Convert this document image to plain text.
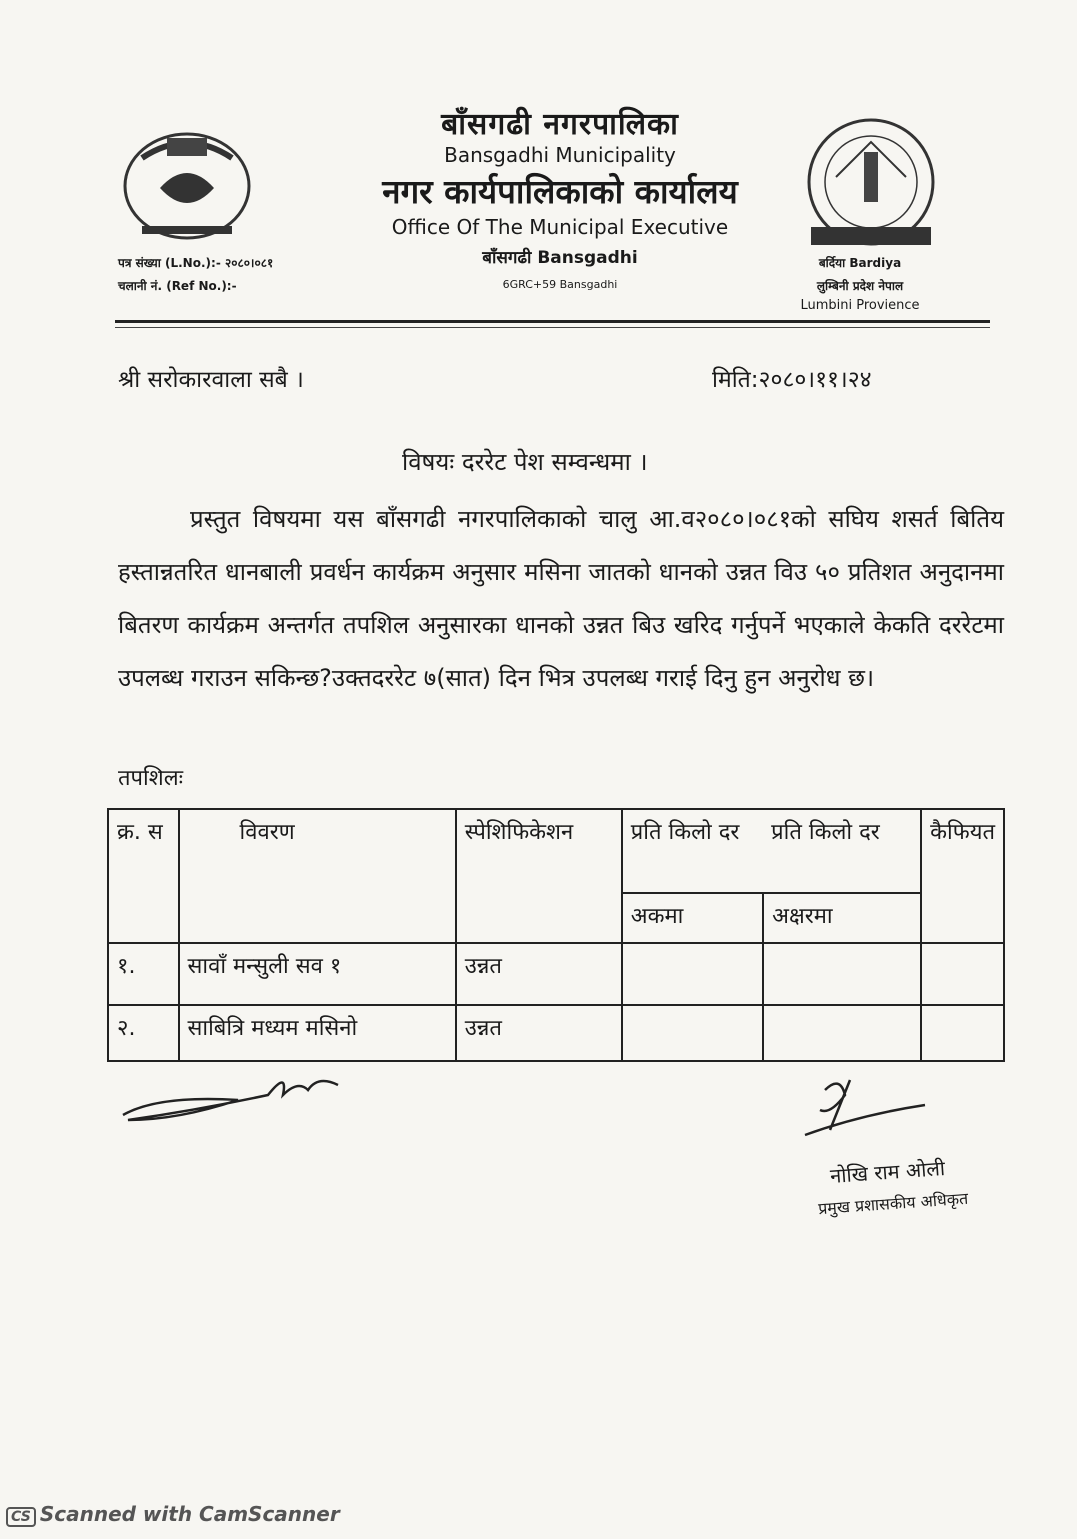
बाँसगढी नगरपालिका
Bansgadhi Municipality
नगर कार्यपालिकाको कार्यालय
Office Of The Municipal Executive
बाँसगढी Bansgadhi
6GRC+59 Bansgadhi
पत्र संख्या (L.No.):- २०८०।०८१
चलानी नं. (Ref No.):-
बर्दिया Bardiya
लुम्बिनी प्रदेश नेपाल
Lumbini Provience
श्री सरोकारवाला सबै ।	मिति:२०८०।११।२४
विषयः दररेट पेश सम्वन्धमा ।
प्रस्तुत विषयमा यस बाँसगढी नगरपालिकाको चालु आ.व२०८०।०८१को सघिय शसर्त बितिय हस्तान्नतरित धानबाली प्रवर्धन कार्यक्रम अनुसार मसिना जातको धानको उन्नत विउ ५० प्रतिशत अनुदानमा बितरण कार्यक्रम अन्तर्गत तपशिल अनुसारका धानको उन्नत बिउ खरिद गर्नुपर्ने भएकाले केकति दररेटमा उपलब्ध गराउन सकिन्छ?उक्तदररेट ७(सात) दिन भित्र उपलब्ध गराई दिनु हुन अनुरोध छ।
तपशिलः
क्र. स	विवरण	स्पेशिफिकेशन	प्रति किलो दर	प्रति किलो दर	कैफियत
			अकमा	अक्षरमा	
१.	सावाँ मन्सुली सव १	उन्नत			
२.	साबित्रि मध्यम मसिनो	उन्नत			
नोखि राम ओली
प्रमुख प्रशासकीय अधिकृत
CS Scanned with CamScanner
